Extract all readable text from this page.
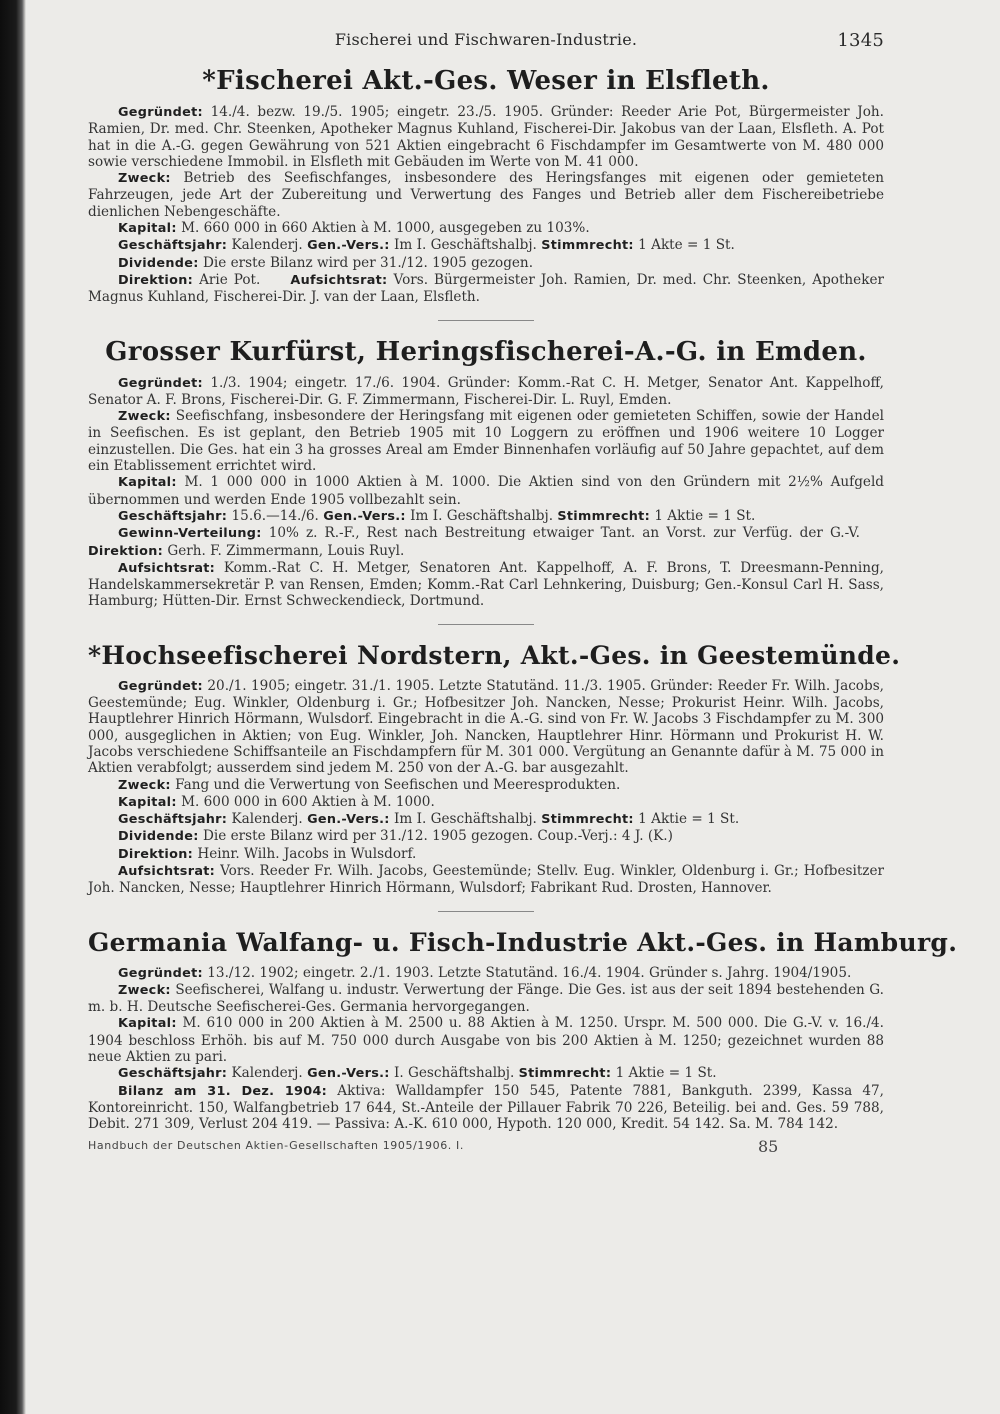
Fischerei und Fischwaren-Industrie.	1345
*Fischerei Akt.-Ges. Weser in Elsfleth.

Gegründet: 14./4. bezw. 19./5. 1905; eingetr. 23./5. 1905. Gründer: Reeder Arie Pot, Bürgermeister Joh. Ramien, Dr. med. Chr. Steenken, Apotheker Magnus Kuhland, Fischerei-Dir. Jakobus van der Laan, Elsfleth. A. Pot hat in die A.-G. gegen Gewährung von 521 Aktien eingebracht 6 Fischdampfer im Gesamtwerte von M. 480 000 sowie verschiedene Immobil. in Elsfleth mit Gebäuden im Werte von M. 41 000.

Zweck: Betrieb des Seefischfanges, insbesondere des Heringsfanges mit eigenen oder gemieteten Fahrzeugen, jede Art der Zubereitung und Verwertung des Fanges und Betrieb aller dem Fischereibetriebe dienlichen Nebengeschäfte.

Kapital: M. 660 000 in 660 Aktien à M. 1000, ausgegeben zu 103%.

Geschäftsjahr: Kalenderj. Gen.-Vers.: Im I. Geschäftshalbj. Stimmrecht: 1 Akte = 1 St.

Dividende: Die erste Bilanz wird per 31./12. 1905 gezogen.

Direktion: Arie Pot. Aufsichtsrat: Vors. Bürgermeister Joh. Ramien, Dr. med. Chr. Steenken, Apotheker Magnus Kuhland, Fischerei-Dir. J. van der Laan, Elsfleth.

Grosser Kurfürst, Heringsfischerei-A.-G. in Emden.

Gegründet: 1./3. 1904; eingetr. 17./6. 1904. Gründer: Komm.-Rat C. H. Metger, Senator Ant. Kappelhoff, Senator A. F. Brons, Fischerei-Dir. G. F. Zimmermann, Fischerei-Dir. L. Ruyl, Emden.

Zweck: Seefischfang, insbesondere der Heringsfang mit eigenen oder gemieteten Schiffen, sowie der Handel in Seefischen. Es ist geplant, den Betrieb 1905 mit 10 Loggern zu eröffnen und 1906 weitere 10 Logger einzustellen. Die Ges. hat ein 3 ha grosses Areal am Emder Binnenhafen vorläufig auf 50 Jahre gepachtet, auf dem ein Etablissement errichtet wird.

Kapital: M. 1 000 000 in 1000 Aktien à M. 1000. Die Aktien sind von den Gründern mit 2½% Aufgeld übernommen und werden Ende 1905 vollbezahlt sein.

Geschäftsjahr: 15.6.—14./6. Gen.-Vers.: Im I. Geschäftshalbj. Stimmrecht: 1 Aktie = 1 St.

Gewinn-Verteilung: 10% z. R.-F., Rest nach Bestreitung etwaiger Tant. an Vorst. zur Verfüg. der G.-V. Direktion: Gerh. F. Zimmermann, Louis Ruyl.

Aufsichtsrat: Komm.-Rat C. H. Metger, Senatoren Ant. Kappelhoff, A. F. Brons, T. Dreesmann-Penning, Handelskammersekretär P. van Rensen, Emden; Komm.-Rat Carl Lehnkering, Duisburg; Gen.-Konsul Carl H. Sass, Hamburg; Hütten-Dir. Ernst Schweckendieck, Dortmund.

*Hochseefischerei Nordstern, Akt.-Ges. in Geestemünde.

Gegründet: 20./1. 1905; eingetr. 31./1. 1905. Letzte Statutänd. 11./3. 1905. Gründer: Reeder Fr. Wilh. Jacobs, Geestemünde; Eug. Winkler, Oldenburg i. Gr.; Hofbesitzer Joh. Nancken, Nesse; Prokurist Heinr. Wilh. Jacobs, Hauptlehrer Hinrich Hörmann, Wulsdorf. Eingebracht in die A.-G. sind von Fr. W. Jacobs 3 Fischdampfer zu M. 300 000, ausgeglichen in Aktien; von Eug. Winkler, Joh. Nancken, Hauptlehrer Hinr. Hörmann und Prokurist H. W. Jacobs verschiedene Schiffsanteile an Fischdampfern für M. 301 000. Vergütung an Genannte dafür à M. 75 000 in Aktien verabfolgt; ausserdem sind jedem M. 250 von der A.-G. bar ausgezahlt.

Zweck: Fang und die Verwertung von Seefischen und Meeresprodukten.

Kapital: M. 600 000 in 600 Aktien à M. 1000.

Geschäftsjahr: Kalenderj. Gen.-Vers.: Im I. Geschäftshalbj. Stimmrecht: 1 Aktie = 1 St.

Dividende: Die erste Bilanz wird per 31./12. 1905 gezogen. Coup.-Verj.: 4 J. (K.)

Direktion: Heinr. Wilh. Jacobs in Wulsdorf.

Aufsichtsrat: Vors. Reeder Fr. Wilh. Jacobs, Geestemünde; Stellv. Eug. Winkler, Oldenburg i. Gr.; Hofbesitzer Joh. Nancken, Nesse; Hauptlehrer Hinrich Hörmann, Wulsdorf; Fabrikant Rud. Drosten, Hannover.

Germania Walfang- u. Fisch-Industrie Akt.-Ges. in Hamburg.

Gegründet: 13./12. 1902; eingetr. 2./1. 1903. Letzte Statutänd. 16./4. 1904. Gründer s. Jahrg. 1904/1905.

Zweck: Seefischerei, Walfang u. industr. Verwertung der Fänge. Die Ges. ist aus der seit 1894 bestehenden G. m. b. H. Deutsche Seefischerei-Ges. Germania hervorgegangen.

Kapital: M. 610 000 in 200 Aktien à M. 2500 u. 88 Aktien à M. 1250. Urspr. M. 500 000. Die G.-V. v. 16./4. 1904 beschloss Erhöh. bis auf M. 750 000 durch Ausgabe von bis 200 Aktien à M. 1250; gezeichnet wurden 88 neue Aktien zu pari.

Geschäftsjahr: Kalenderj. Gen.-Vers.: I. Geschäftshalbj. Stimmrecht: 1 Aktie = 1 St.

Bilanz am 31. Dez. 1904: Aktiva: Walldampfer 150 545, Patente 7881, Bankguth. 2399, Kassa 47, Kontoreinricht. 150, Walfangbetrieb 17 644, St.-Anteile der Pillauer Fabrik 70 226, Beteilig. bei and. Ges. 59 788, Debit. 271 309, Verlust 204 419. — Passiva: A.-K. 610 000, Hypoth. 120 000, Kredit. 54 142. Sa. M. 784 142.

Handbuch der Deutschen Aktien-Gesellschaften 1905/1906. I.	85
